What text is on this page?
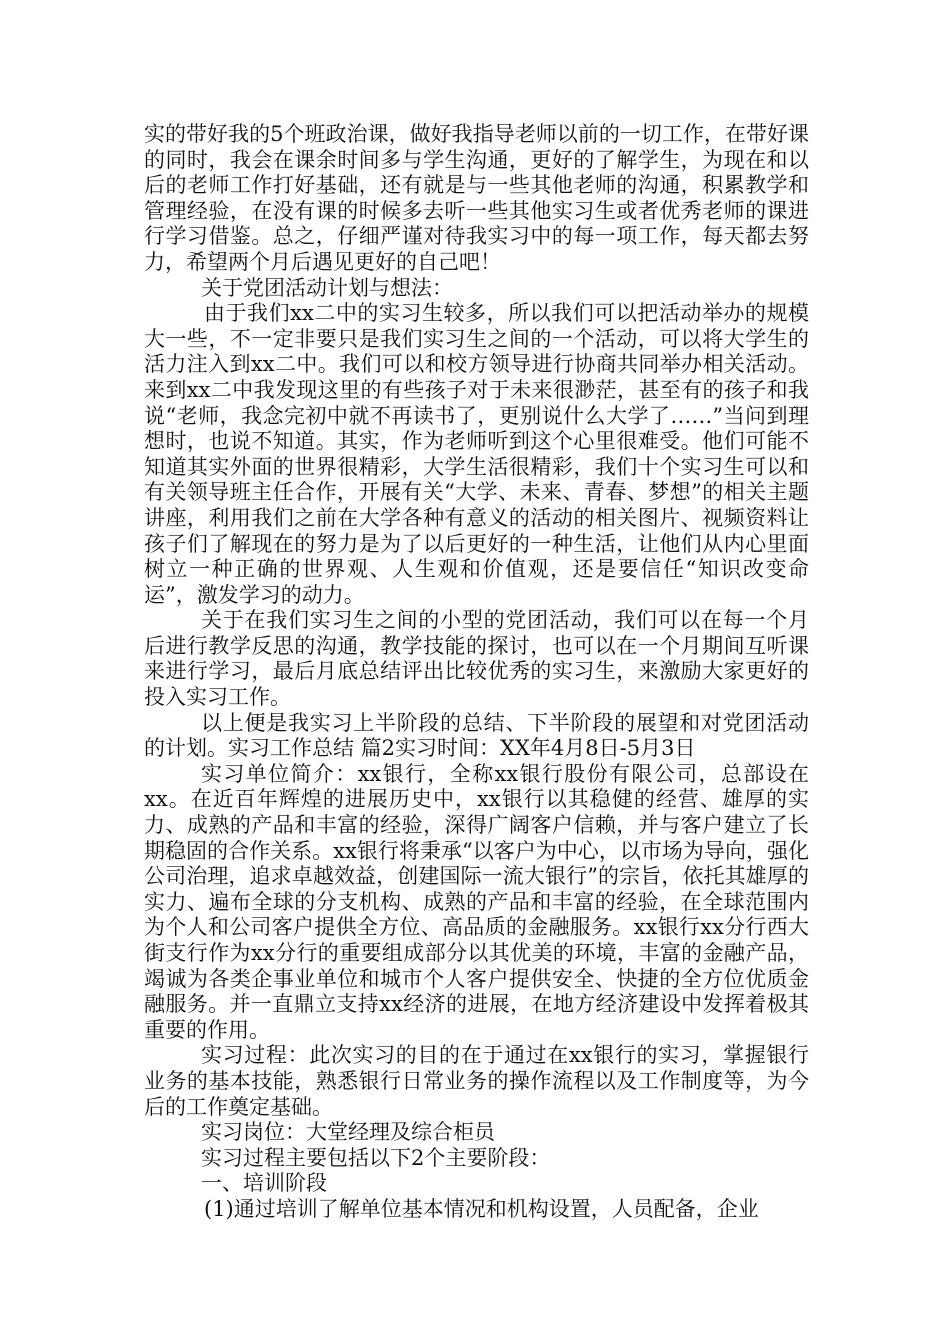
实的带好我的5个班政治课，做好我指导老师以前的一切工作，在带好课的同时，我会在课余时间多与学生沟通，更好的了解学生，为现在和以后的老师工作打好基础，还有就是与一些其他老师的沟通，积累教学和管理经验，在没有课的时候多去听一些其他实习生或者优秀老师的课进行学习借鉴。总之，仔细严谨对待我实习中的每一项工作，每天都去努力，希望两个月后遇见更好的自己吧！

关于党团活动计划与想法：

由于我们xx二中的实习生较多，所以我们可以把活动举办的规模大一些，不一定非要只是我们实习生之间的一个活动，可以将大学生的活力注入到xx二中。我们可以和校方领导进行协商共同举办相关活动。来到xx二中我发现这里的有些孩子对于未来很渺茫，甚至有的孩子和我说“老师，我念完初中就不再读书了，更别说什么大学了……”当问到理想时，也说不知道。其实，作为老师听到这个心里很难受。他们可能不知道其实外面的世界很精彩，大学生活很精彩，我们十个实习生可以和有关领导班主任合作，开展有关“大学、未来、青春、梦想”的相关主题讲座，利用我们之前在大学各种有意义的活动的相关图片、视频资料让孩子们了解现在的努力是为了以后更好的一种生活，让他们从内心里面树立一种正确的世界观、人生观和价值观，还是要信任“知识改变命运”，激发学习的动力。

关于在我们实习生之间的小型的党团活动，我们可以在每一个月后进行教学反思的沟通，教学技能的探讨，也可以在一个月期间互听课来进行学习，最后月底总结评出比较优秀的实习生，来激励大家更好的投入实习工作。

以上便是我实习上半阶段的总结、下半阶段的展望和对党团活动的计划。实习工作总结 篇2实习时间：XX年4月8日-5月3日

实习单位简介：xx银行，全称xx银行股份有限公司，总部设在xx。在近百年辉煌的进展历史中，xx银行以其稳健的经营、雄厚的实力、成熟的产品和丰富的经验，深得广阔客户信赖，并与客户建立了长期稳固的合作关系。xx银行将秉承“以客户为中心，以市场为导向，强化公司治理，追求卓越效益，创建国际一流大银行”的宗旨，依托其雄厚的实力、遍布全球的分支机构、成熟的产品和丰富的经验，在全球范围内为个人和公司客户提供全方位、高品质的金融服务。xx银行xx分行西大街支行作为xx分行的重要组成部分以其优美的环境，丰富的金融产品，竭诚为各类企事业单位和城市个人客户提供安全、快捷的全方位优质金融服务。并一直鼎立支持xx经济的进展，在地方经济建设中发挥着极其重要的作用。

实习过程：此次实习的目的在于通过在xx银行的实习，掌握银行业务的基本技能，熟悉银行日常业务的操作流程以及工作制度等，为今后的工作奠定基础。

实习岗位：大堂经理及综合柜员

实习过程主要包括以下2个主要阶段：

一、培训阶段

(1)通过培训了解单位基本情况和机构设置，人员配备，企业
